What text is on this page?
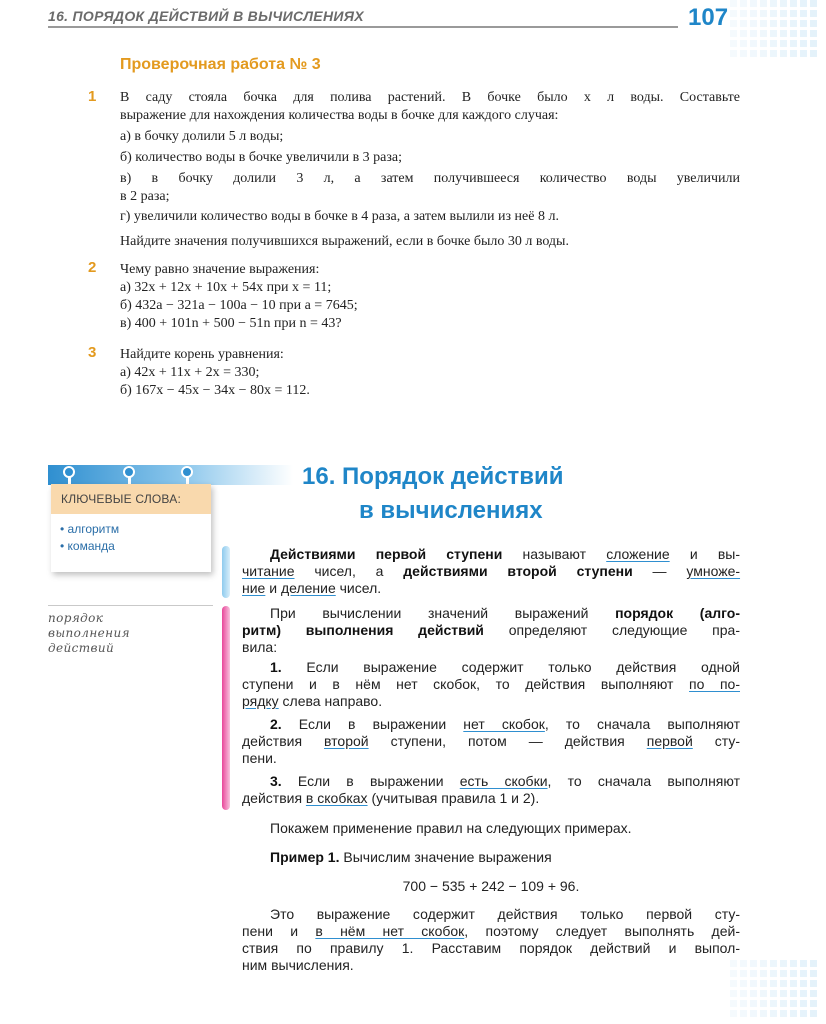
16. ПОРЯДОК ДЕЙСТВИЙ В ВЫЧИСЛЕНИЯХ	107
Проверочная работа № 3
1 В саду стояла бочка для полива растений. В бочке было x л воды. Составьте
выражение для нахождения количества воды в бочке для каждого случая:
а) в бочку долили 5 л воды;
б) количество воды в бочке увеличили в 3 раза;
в) в бочку долили 3 л, а затем получившееся количество воды увеличили
в 2 раза;
г) увеличили количество воды в бочке в 4 раза, а затем вылили из неё 8 л.
Найдите значения получившихся выражений, если в бочке было 30 л воды.
2 Чему равно значение выражения:
а) 32x + 12x + 10x + 54x при x = 11;
б) 432a − 321a − 100a − 10 при a = 7645;
в) 400 + 101n + 500 − 51n при n = 43?
3 Найдите корень уравнения:
а) 42x + 11x + 2x = 330;
б) 167x − 45x − 34x − 80x = 112.
КЛЮЧЕВЫЕ СЛОВА:
• алгоритм
• команда
порядок
выполнения
действий
16. Порядок действий
в вычислениях
Действиями первой ступени называют сложение и вы-
читание чисел, а действиями второй ступени — умноже-
ние и деление чисел.
При вычислении значений выражений порядок (алго-
ритм) выполнения действий определяют следующие пра-
вила:
1. Если выражение содержит только действия одной
ступени и в нём нет скобок, то действия выполняют по по-
рядку слева направо.
2. Если в выражении нет скобок, то сначала выполняют
действия второй ступени, потом — действия первой сту-
пени.
3. Если в выражении есть скобки, то сначала выполняют
действия в скобках (учитывая правила 1 и 2).
Покажем применение правил на следующих примерах.
Пример 1. Вычислим значение выражения
700 − 535 + 242 − 109 + 96.
Это выражение содержит действия только первой сту-
пени и в нём нет скобок, поэтому следует выполнять дей-
ствия по правилу 1. Расставим порядок действий и выпол-
ним вычисления.
